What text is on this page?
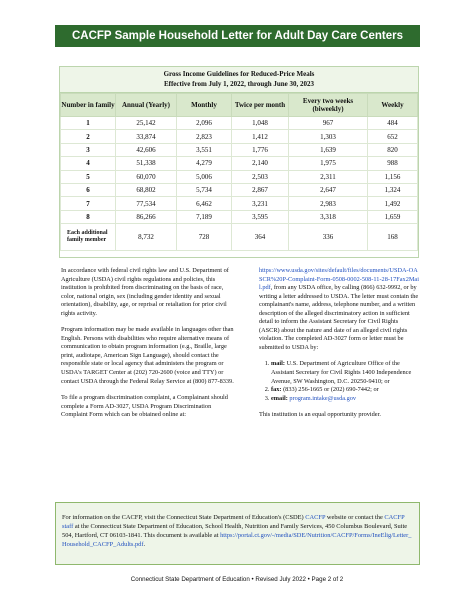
CACFP Sample Household Letter for Adult Day Care Centers
Gross Income Guidelines for Reduced-Price Meals
Effective from July 1, 2022, through June 30, 2023
Number in family	Annual (Yearly)	Monthly	Twice per month	Every two weeks (biweekly)	Weekly
1	25,142	2,096	1,048	967	484
2	33,874	2,823	1,412	1,303	652
3	42,606	3,551	1,776	1,639	820
4	51,338	4,279	2,140	1,975	988
5	60,070	5,006	2,503	2,311	1,156
6	68,802	5,734	2,867	2,647	1,324
7	77,534	6,462	3,231	2,983	1,492
8	86,266	7,189	3,595	3,318	1,659
Each additional family member	8,732	728	364	336	168

In accordance with federal civil rights law and U.S. Department of Agriculture (USDA) civil rights regulations and policies, this institution is prohibited from discriminating on the basis of race, color, national origin, sex (including gender identity and sexual orientation), disability, age, or reprisal or retaliation for prior civil rights activity.

Program information may be made available in languages other than English. Persons with disabilities who require alternative means of communication to obtain program information (e.g., Braille, large print, audiotape, American Sign Language), should contact the responsible state or local agency that administers the program or USDA's TARGET Center at (202) 720-2600 (voice and TTY) or contact USDA through the Federal Relay Service at (800) 877-8339.

To file a program discrimination complaint, a Complainant should complete a Form AD-3027, USDA Program Discrimination Complaint Form which can be obtained online at:

https://www.usda.gov/sites/default/files/documents/USDA-OASCR%20P-Complaint-Form-0508-0002-508-11-28-17Fax2Mail.pdf, from any USDA office, by calling (866) 632-9992, or by writing a letter addressed to USDA. The letter must contain the complainant's name, address, telephone number, and a written description of the alleged discriminatory action in sufficient detail to inform the Assistant Secretary for Civil Rights (ASCR) about the nature and date of an alleged civil rights violation. The completed AD-3027 form or letter must be submitted to USDA by:

1. mail: U.S. Department of Agriculture Office of the Assistant Secretary for Civil Rights 1400 Independence Avenue, SW Washington, D.C. 20250-9410; or
2. fax: (833) 256-1665 or (202) 690-7442; or
3. email: program.intake@usda.gov

This institution is an equal opportunity provider.

For information on the CACFP, visit the Connecticut State Department of Education's (CSDE) CACFP website or contact the CACFP staff at the Connecticut State Department of Education, School Health, Nutrition and Family Services, 450 Columbus Boulevard, Suite 504, Hartford, CT 06103-1841. This document is available at https://portal.ct.gov/-/media/SDE/Nutrition/CACFP/Forms/IneElig/Letter_Household_CACFP_Adults.pdf.
Connecticut State Department of Education • Revised July 2022 • Page 2 of 2
